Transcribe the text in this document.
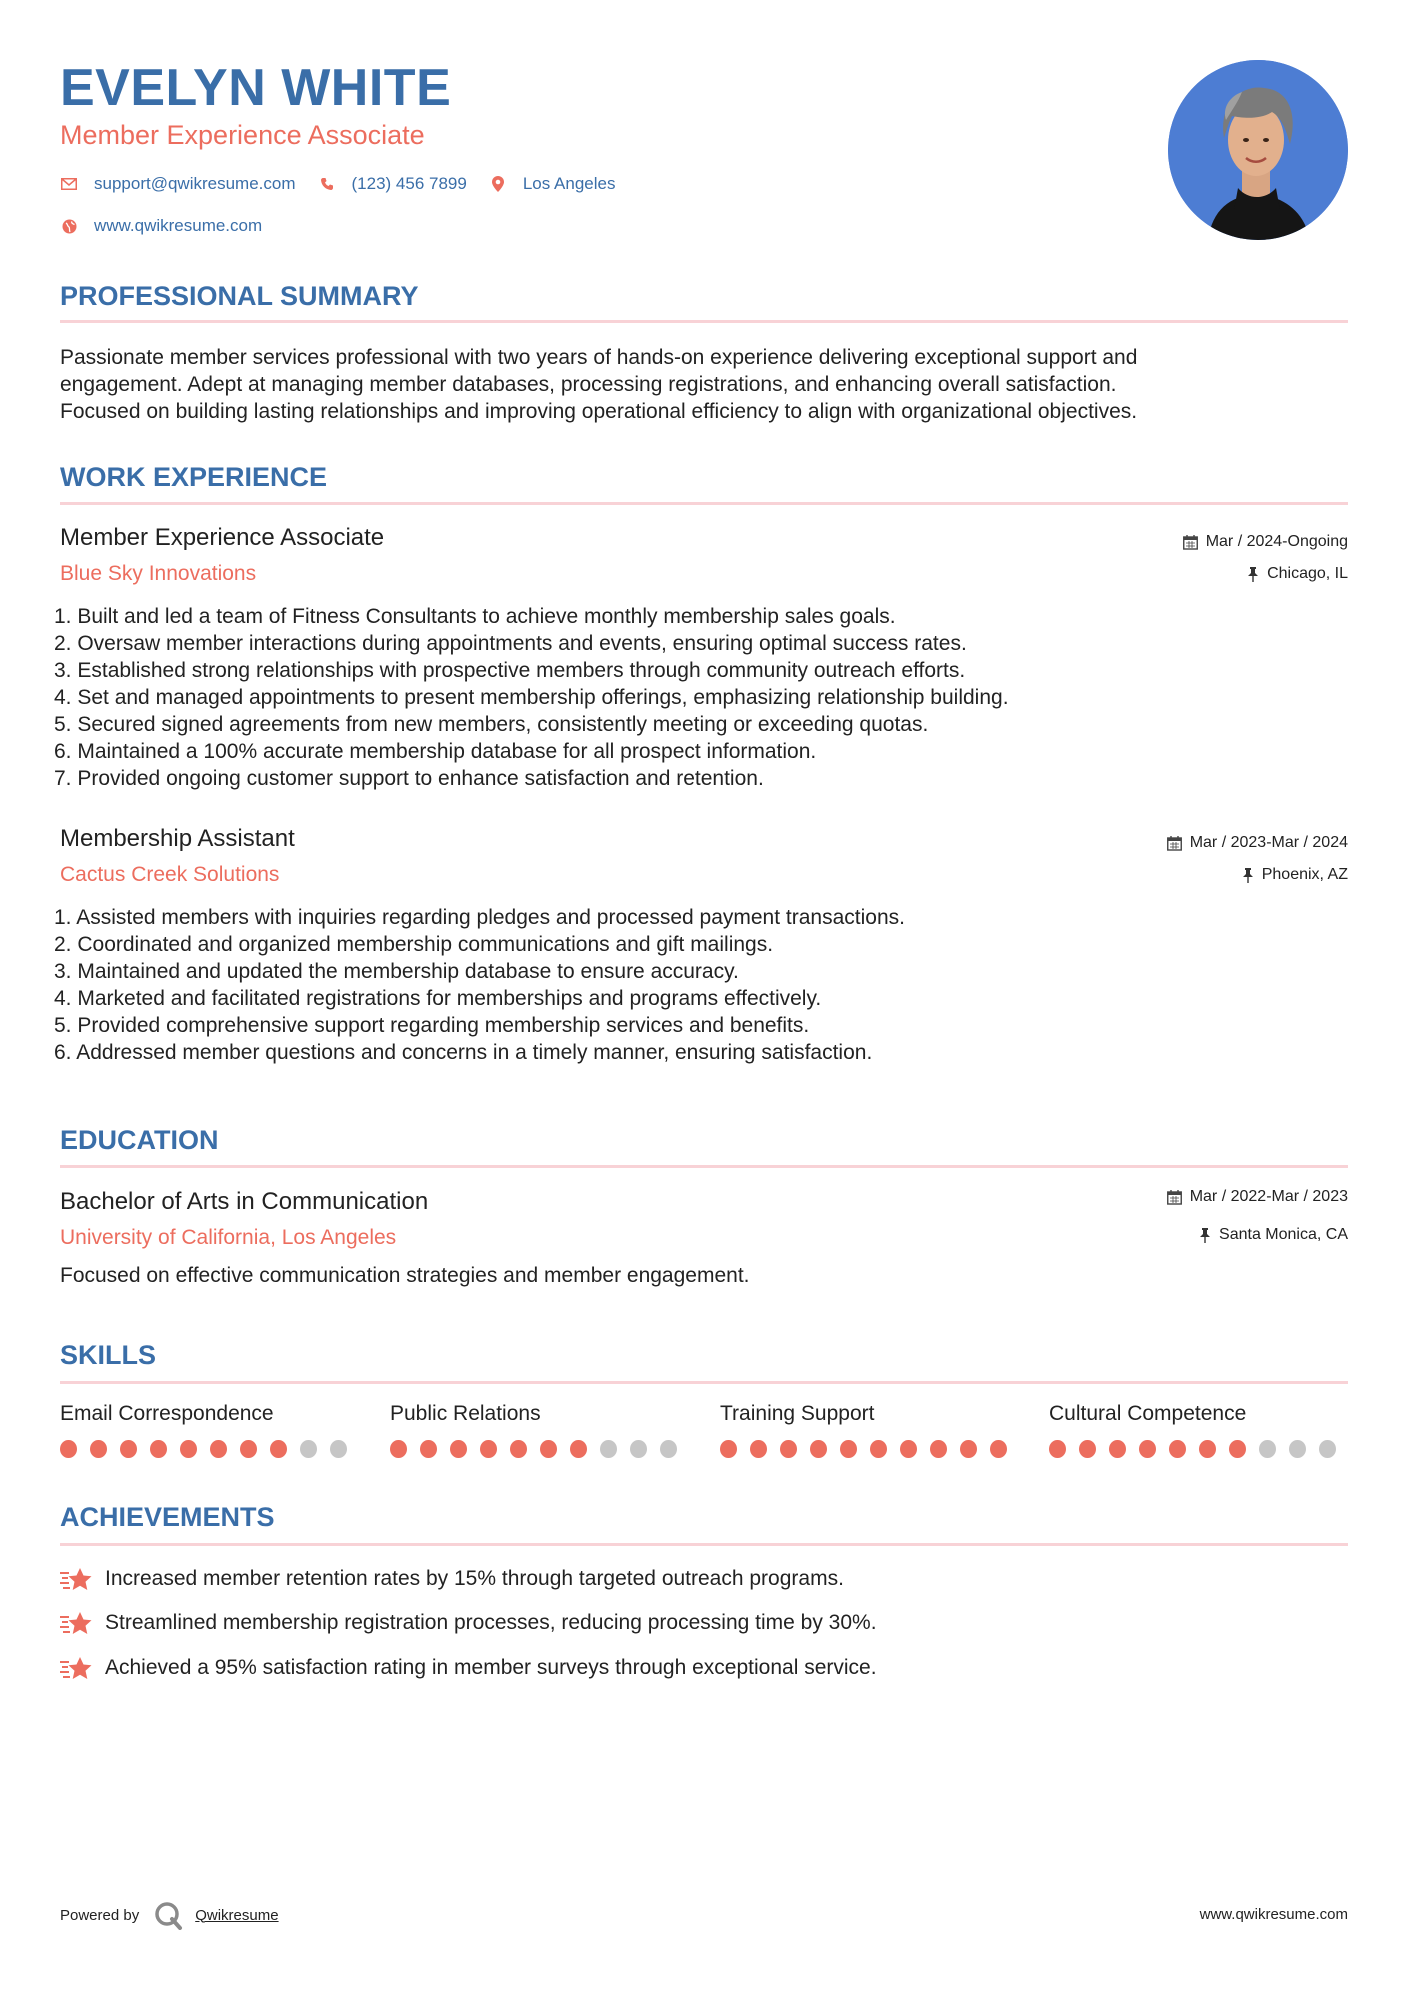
EVELYN WHITE
Member Experience Associate
support@qwikresume.com	(123) 456 7899	Los Angeles
www.qwikresume.com
PROFESSIONAL SUMMARY
Passionate member services professional with two years of hands-on experience delivering exceptional support and
engagement. Adept at managing member databases, processing registrations, and enhancing overall satisfaction.
Focused on building lasting relationships and improving operational efficiency to align with organizational objectives.
WORK EXPERIENCE
Member Experience Associate
Blue Sky Innovations
Mar / 2024-Ongoing
Chicago, IL
1. Built and led a team of Fitness Consultants to achieve monthly membership sales goals.
2. Oversaw member interactions during appointments and events, ensuring optimal success rates.
3. Established strong relationships with prospective members through community outreach efforts.
4. Set and managed appointments to present membership offerings, emphasizing relationship building.
5. Secured signed agreements from new members, consistently meeting or exceeding quotas.
6. Maintained a 100% accurate membership database for all prospect information.
7. Provided ongoing customer support to enhance satisfaction and retention.
Membership Assistant
Cactus Creek Solutions
Mar / 2023-Mar / 2024
Phoenix, AZ
1. Assisted members with inquiries regarding pledges and processed payment transactions.
2. Coordinated and organized membership communications and gift mailings.
3. Maintained and updated the membership database to ensure accuracy.
4. Marketed and facilitated registrations for memberships and programs effectively.
5. Provided comprehensive support regarding membership services and benefits.
6. Addressed member questions and concerns in a timely manner, ensuring satisfaction.
EDUCATION
Bachelor of Arts in Communication
University of California, Los Angeles
Mar / 2022-Mar / 2023
Santa Monica, CA
Focused on effective communication strategies and member engagement.
SKILLS
Email Correspondence	Public Relations	Training Support	Cultural Competence
ACHIEVEMENTS
Increased member retention rates by 15% through targeted outreach programs.
Streamlined membership registration processes, reducing processing time by 30%.
Achieved a 95% satisfaction rating in member surveys through exceptional service.
Powered by	Qwikresume	www.qwikresume.com
